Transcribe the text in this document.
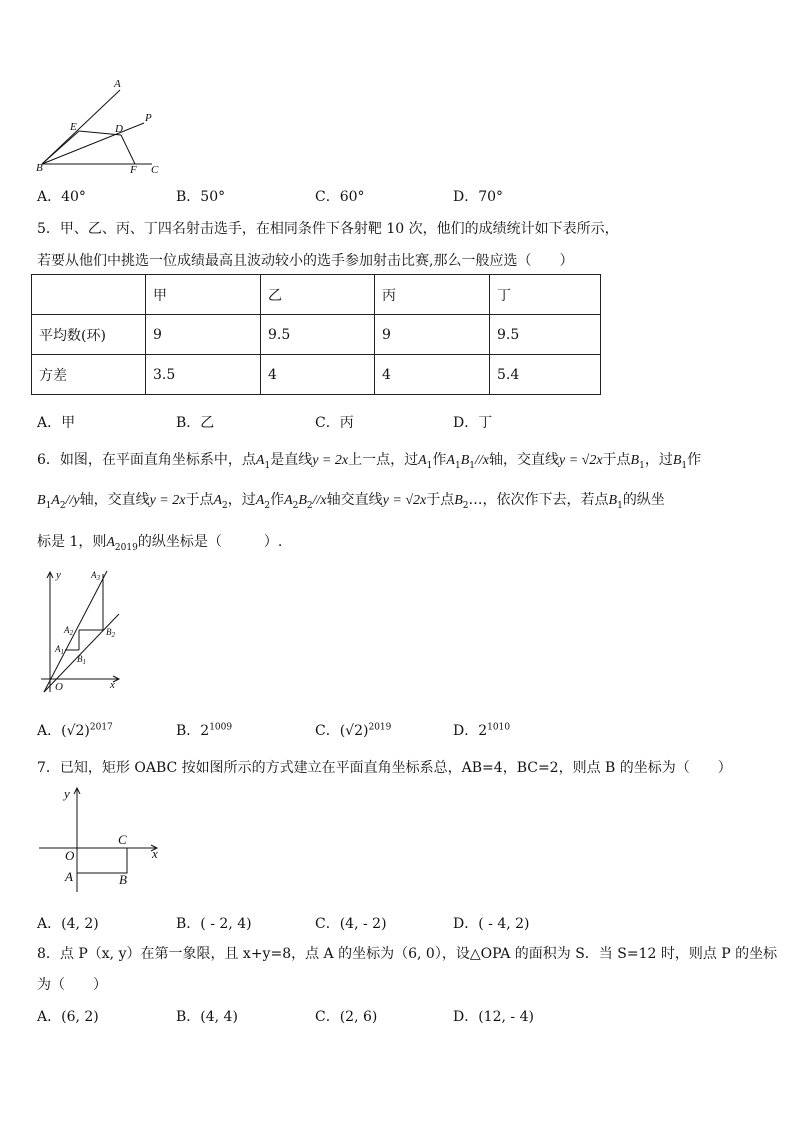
A
E	D
P
B	F C
A．40°	B．50°	C．60°	D．70°
5．甲、乙、丙、丁四名射击选手，在相同条件下各射靶 10 次，他们的成绩统计如下表所示，
若要从他们中挑选一位成绩最高且波动较小的选手参加射击比赛,那么一般应选（　　）
	甲	乙	丙	丁
平均数(环)	9	9.5	9	9.5
方差	3.5	4	4	5.4
A．甲	B．乙	C．丙	D．丁
6．如图，在平面直角坐标系中，点$A_1$是直线y = 2x上一点，过$A_1$作$A_1B_1//x$轴，交直线y = √2x于点$B_1$，过$B_1$作
$B_1A_2//y$轴，交直线y = 2x于点$A_2$，过$A_2$作$A_2B_2//x$轴交直线y = √2x于点$B_2\dots$，依次作下去，若点$B_1$的纵坐
标是 1，则$A_{2019}$的纵坐标是（　　　）.
y
x
O
$A_1$
$B_1$
$A_2$	$B_2$
$A_3$
A．$(√2)^{2017}$	B．$2^{1009}$	C．$(√2)^{2019}$	D．$2^{1010}$
7．已知，矩形 OABC 按如图所示的方式建立在平面直角坐标系总，AB=4，BC=2，则点 B 的坐标为（　　）
y
x
O
A	B
C
A．(4, 2)	B．( - 2, 4)	C．(4, - 2)	D．( - 4, 2)
8．点 P（x, y）在第一象限，且 x+y=8，点 A 的坐标为（6, 0），设△OPA 的面积为 S．当 S=12 时，则点 P 的坐标
为（　　）
A．(6, 2)	B．(4, 4)	C．(2, 6)	D．(12, - 4)
